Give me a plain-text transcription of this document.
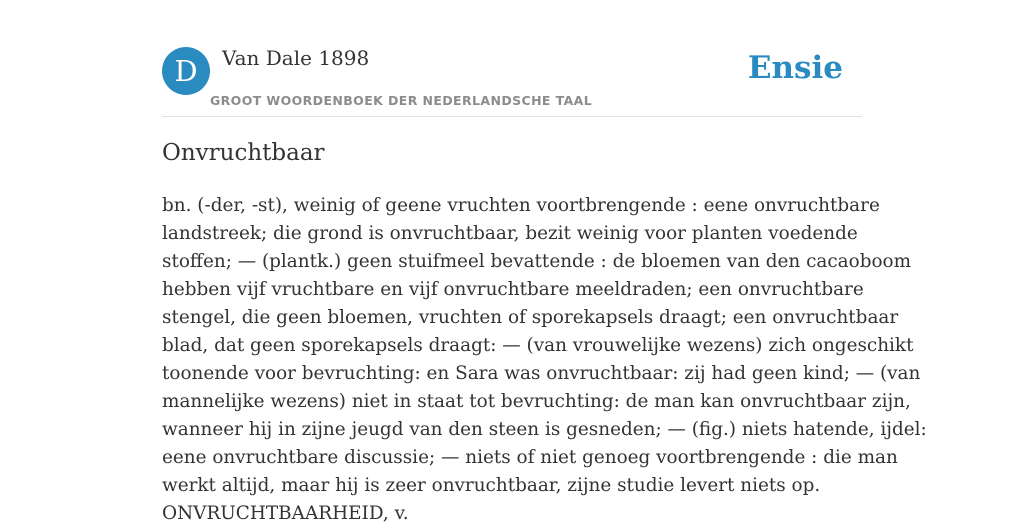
D	Van Dale 1898
GROOT WOORDENBOEK DER NEDERLANDSCHE TAAL
Ensie
Onvruchtbaar
bn. (-der, -st), weinig of geene vruchten voortbrengende : eene onvruchtbare
landstreek; die grond is onvruchtbaar, bezit weinig voor planten voedende
stoffen; — (plantk.) geen stuifmeel bevattende : de bloemen van den cacaoboom
hebben vijf vruchtbare en vijf onvruchtbare meeldraden; een onvruchtbare
stengel, die geen bloemen, vruchten of sporekapsels draagt; een onvruchtbaar
blad, dat geen sporekapsels draagt: — (van vrouwelijke wezens) zich ongeschikt
toonende voor bevruchting: en Sara was onvruchtbaar: zij had geen kind; — (van
mannelijke wezens) niet in staat tot bevruchting: de man kan onvruchtbaar zijn,
wanneer hij in zijne jeugd van den steen is gesneden; — (fig.) niets hatende, ijdel:
eene onvruchtbare discussie; — niets of niet genoeg voortbrengende : die man
werkt altijd, maar hij is zeer onvruchtbaar, zijne studie levert niets op.
ONVRUCHTBAARHEID, v.
